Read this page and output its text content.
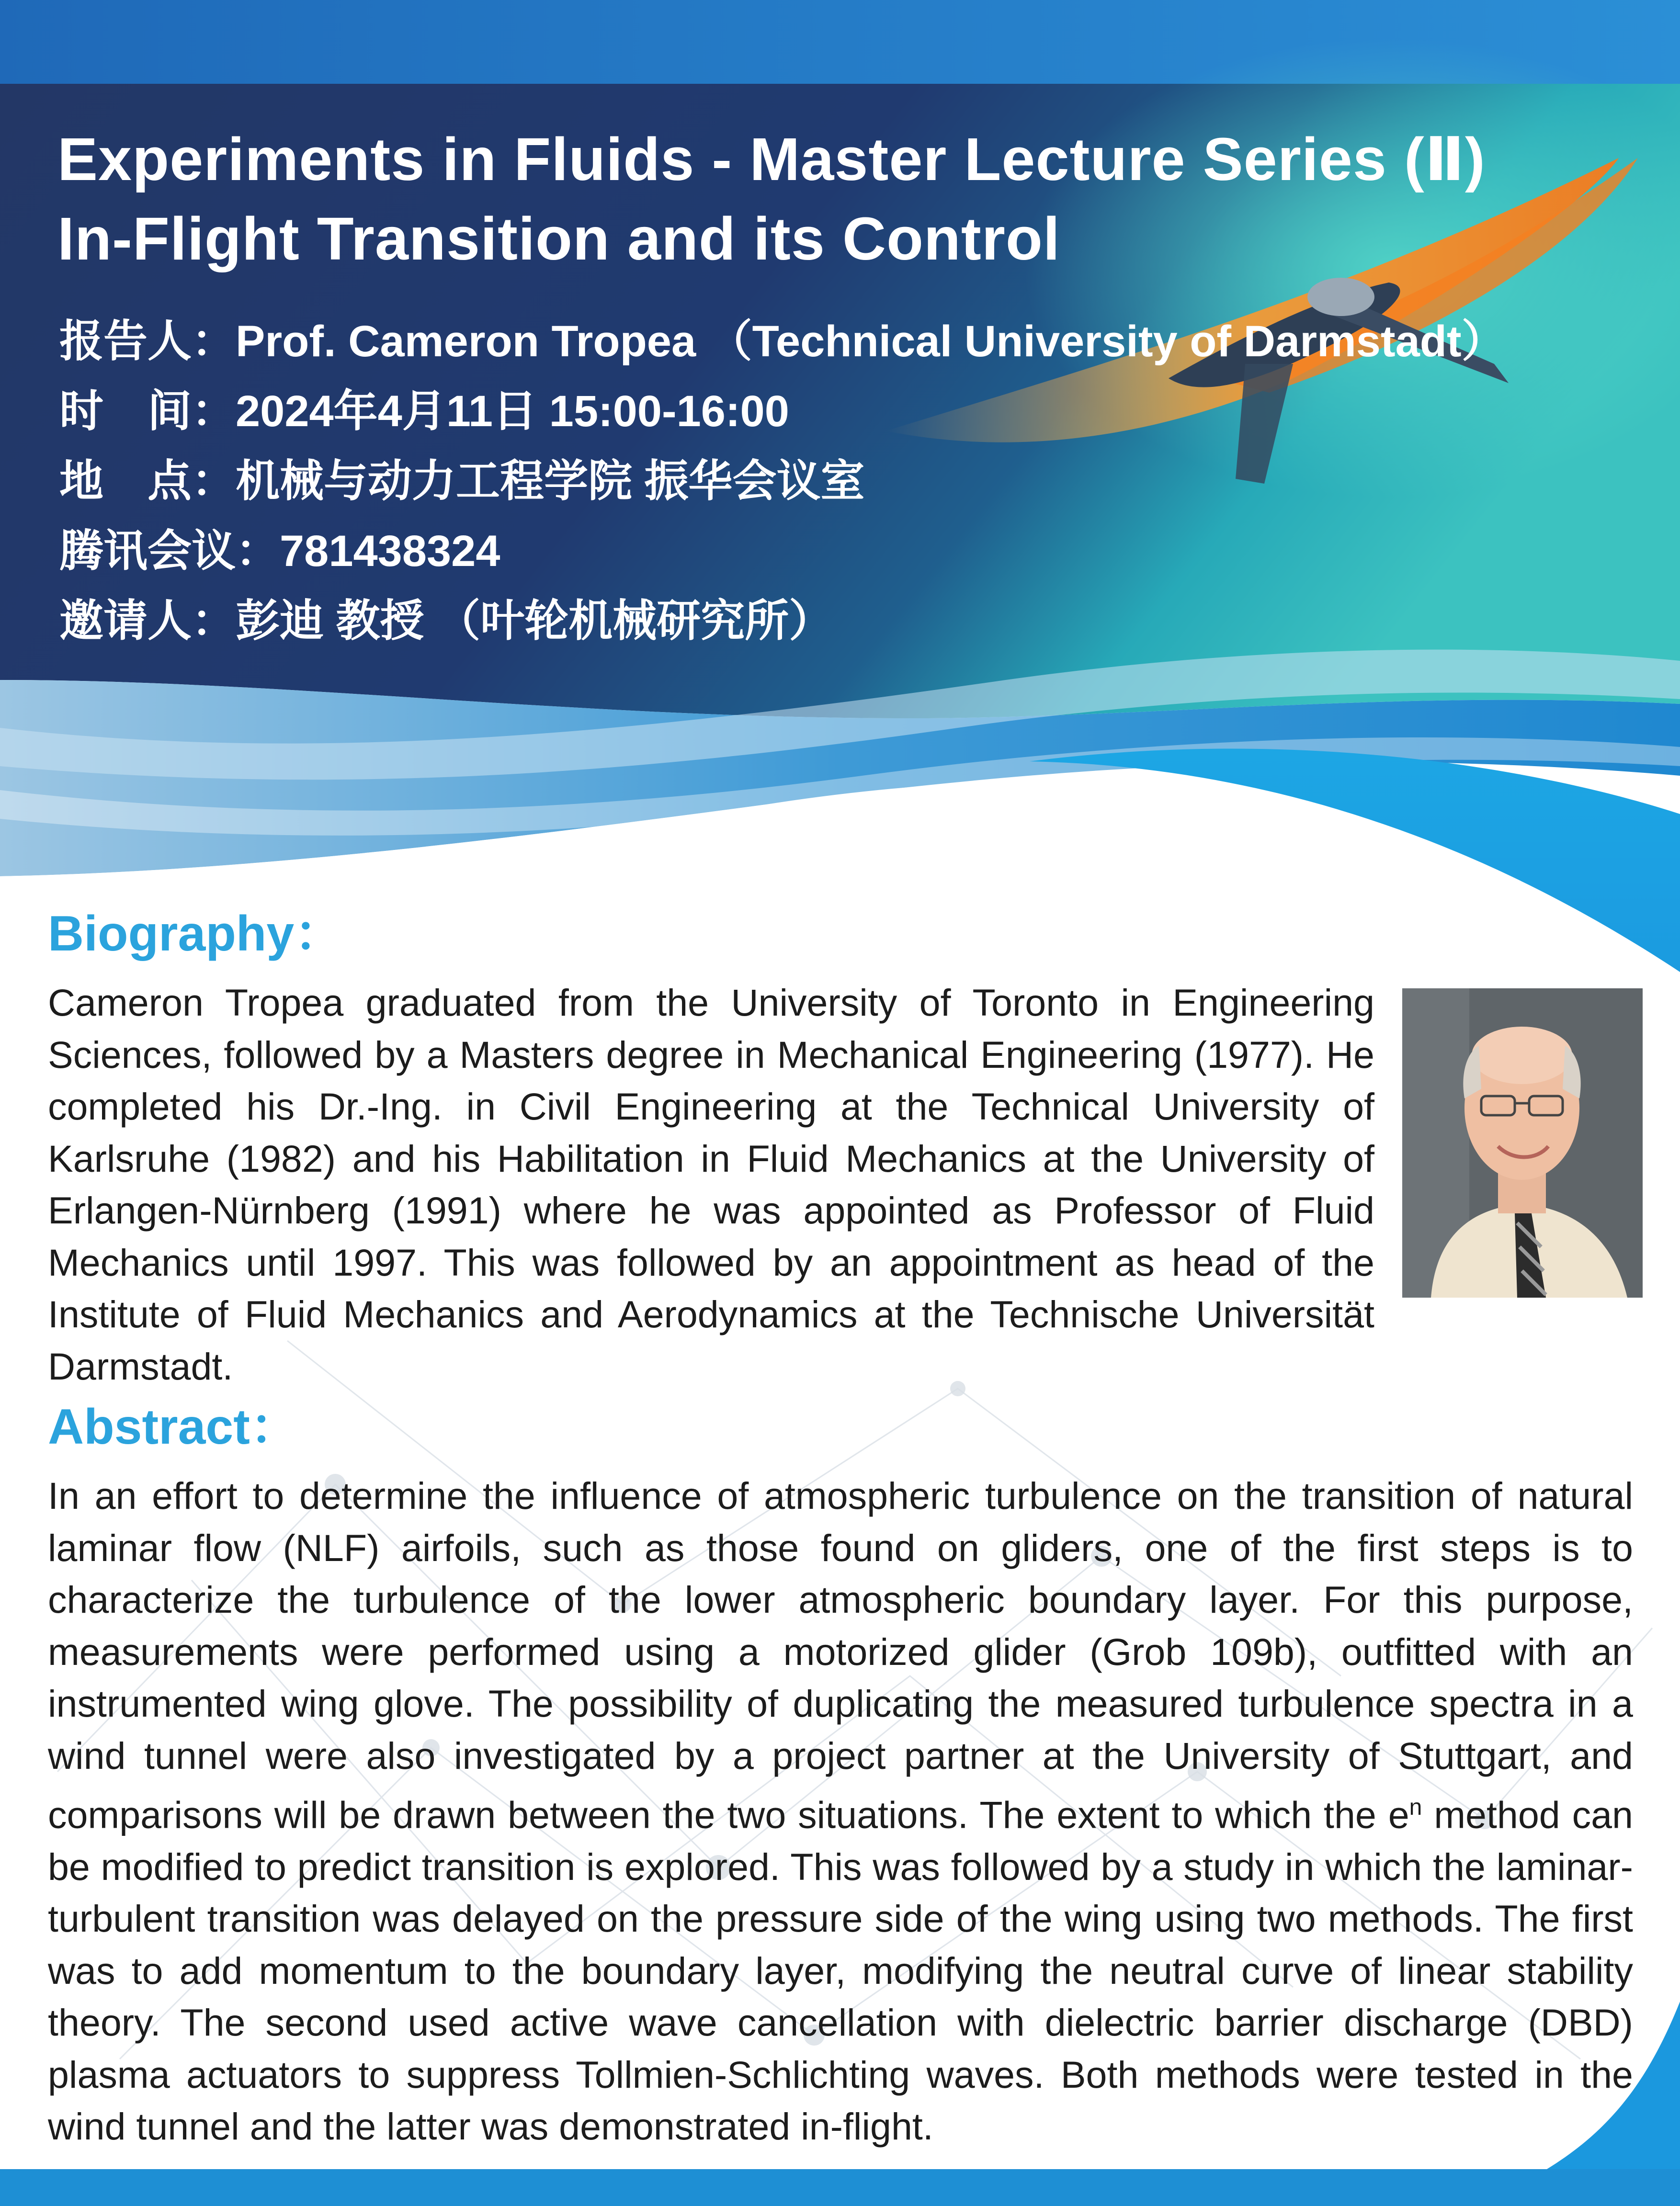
Experiments in Fluids - Master Lecture Series (Ⅱ)
In-Flight Transition and its Control
报告人：Prof. Cameron Tropea （Technical University of Darmstadt）
时　间：2024年4月11日 15:00-16:00
地　点：机械与动力工程学院 振华会议室
腾讯会议：781438324
邀请人：彭迪 教授 （叶轮机械研究所）
Biography：

Cameron Tropea graduated from the University of Toronto in Engineering Sciences, followed by a Masters degree in Mechanical Engineering (1977). He completed his Dr.-Ing. in Civil Engineering at the Technical University of Karlsruhe (1982) and his Habilitation in Fluid Mechanics at the University of Erlangen-Nürnberg (1991) where he was appointed as Professor of Fluid Mechanics until 1997. This was followed by an appointment as head of the Institute of Fluid Mechanics and Aerodynamics at the Technische Universität Darmstadt.

Abstract：

In an effort to determine the influence of atmospheric turbulence on the transition of natural laminar flow (NLF) airfoils, such as those found on gliders, one of the first steps is to characterize the turbulence of the lower atmospheric boundary layer. For this purpose, measurements were performed using a motorized glider (Grob 109b), outfitted with an instrumented wing glove. The possibility of duplicating the measured turbulence spectra in a wind tunnel were also investigated by a project partner at the University of Stuttgart, and comparisons will be drawn between the two situations. The extent to which the $e^n$ method can be modified to predict transition is explored. This was followed by a study in which the laminar-turbulent transition was delayed on the pressure side of the wing using two methods. The first was to add momentum to the boundary layer, modifying the neutral curve of linear stability theory. The second used active wave cancellation with dielectric barrier discharge (DBD) plasma actuators to suppress Tollmien-Schlichting waves. Both methods were tested in the wind tunnel and the latter was demonstrated in-flight.
